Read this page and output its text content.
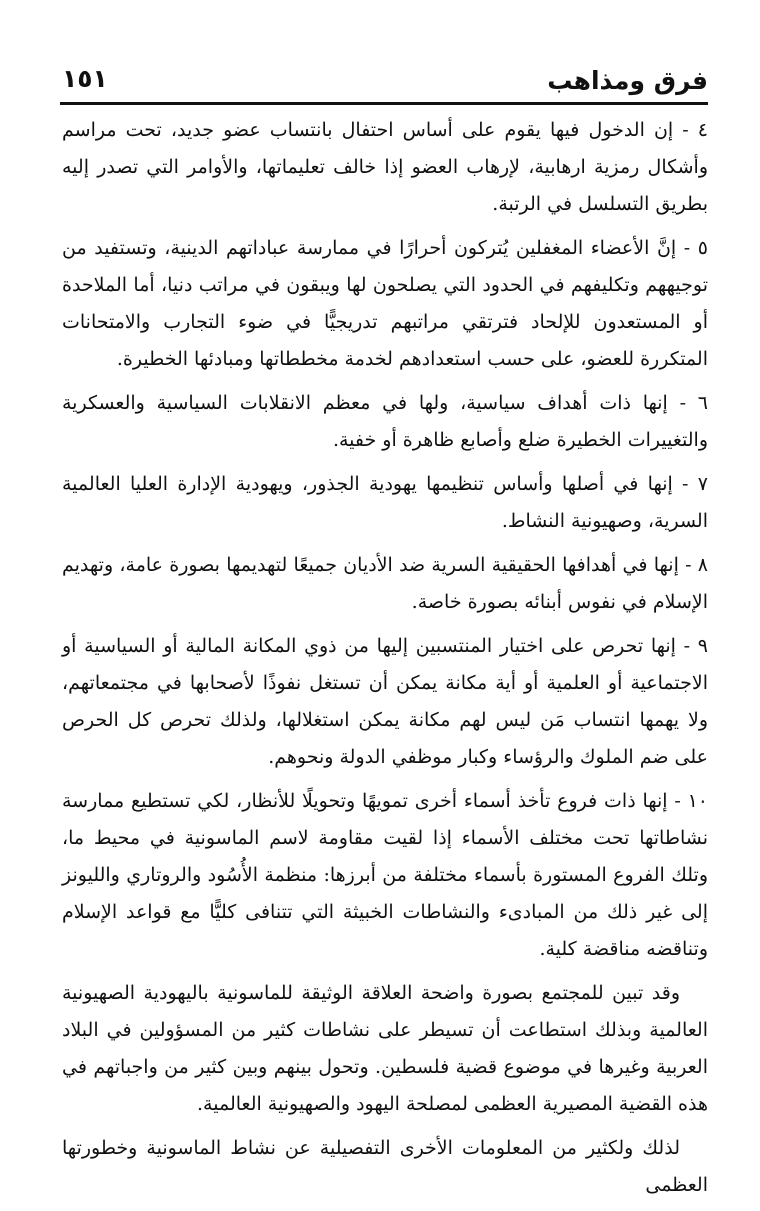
فرق ومذاهب
١٥١

٤ - إن الدخول فيها يقوم على أساس احتفال بانتساب عضو جديد، تحت مراسم وأشكال رمزية ارهابية، لإرهاب العضو إذا خالف تعليماتها، والأوامر التي تصدر إليه بطريق التسلسل في الرتبة.

٥ - إنَّ الأعضاء المغفلين يُتركون أحرارًا في ممارسة عباداتهم الدينية، وتستفيد من توجيههم وتكليفهم في الحدود التي يصلحون لها ويبقون في مراتب دنيا، أما الملاحدة أو المستعدون للإلحاد فترتقي مراتبهم تدريجيًّا في ضوء التجارب والامتحانات المتكررة للعضو، على حسب استعدادهم لخدمة مخططاتها ومبادئها الخطيرة.

٦ - إنها ذات أهداف سياسية، ولها في معظم الانقلابات السياسية والعسكرية والتغييرات الخطيرة ضلع وأصابع ظاهرة أو خفية.

٧ - إنها في أصلها وأساس تنظيمها يهودية الجذور، ويهودية الإدارة العليا العالمية السرية، وصهيونية النشاط.

٨ - إنها في أهدافها الحقيقية السرية ضد الأديان جميعًا لتهديمها بصورة عامة، وتهديم الإسلام في نفوس أبنائه بصورة خاصة.

٩ - إنها تحرص على اختيار المنتسبين إليها من ذوي المكانة المالية أو السياسية أو الاجتماعية أو العلمية أو أية مكانة يمكن أن تستغل نفوذًا لأصحابها في مجتمعاتهم، ولا يهمها انتساب مَن ليس لهم مكانة يمكن استغلالها، ولذلك تحرص كل الحرص على ضم الملوك والرؤساء وكبار موظفي الدولة ونحوهم.

١٠ - إنها ذات فروع تأخذ أسماء أخرى تمويهًا وتحويلًا للأنظار، لكي تستطيع ممارسة نشاطاتها تحت مختلف الأسماء إذا لقيت مقاومة لاسم الماسونية في محيط ما، وتلك الفروع المستورة بأسماء مختلفة من أبرزها: منظمة الأُسُود والروتاري والليونز إلى غير ذلك من المبادىء والنشاطات الخبيثة التي تتنافى كليًّا مع قواعد الإسلام وتناقضه مناقضة كلية.

وقد تبين للمجتمع بصورة واضحة العلاقة الوثيقة للماسونية باليهودية الصهيونية العالمية وبذلك استطاعت أن تسيطر على نشاطات كثير من المسؤولين في البلاد العربية وغيرها في موضوع قضية فلسطين. وتحول بينهم وبين كثير من واجباتهم في هذه القضية المصيرية العظمى لمصلحة اليهود والصهيونية العالمية.

لذلك ولكثير من المعلومات الأخرى التفصيلية عن نشاط الماسونية وخطورتها العظمى
